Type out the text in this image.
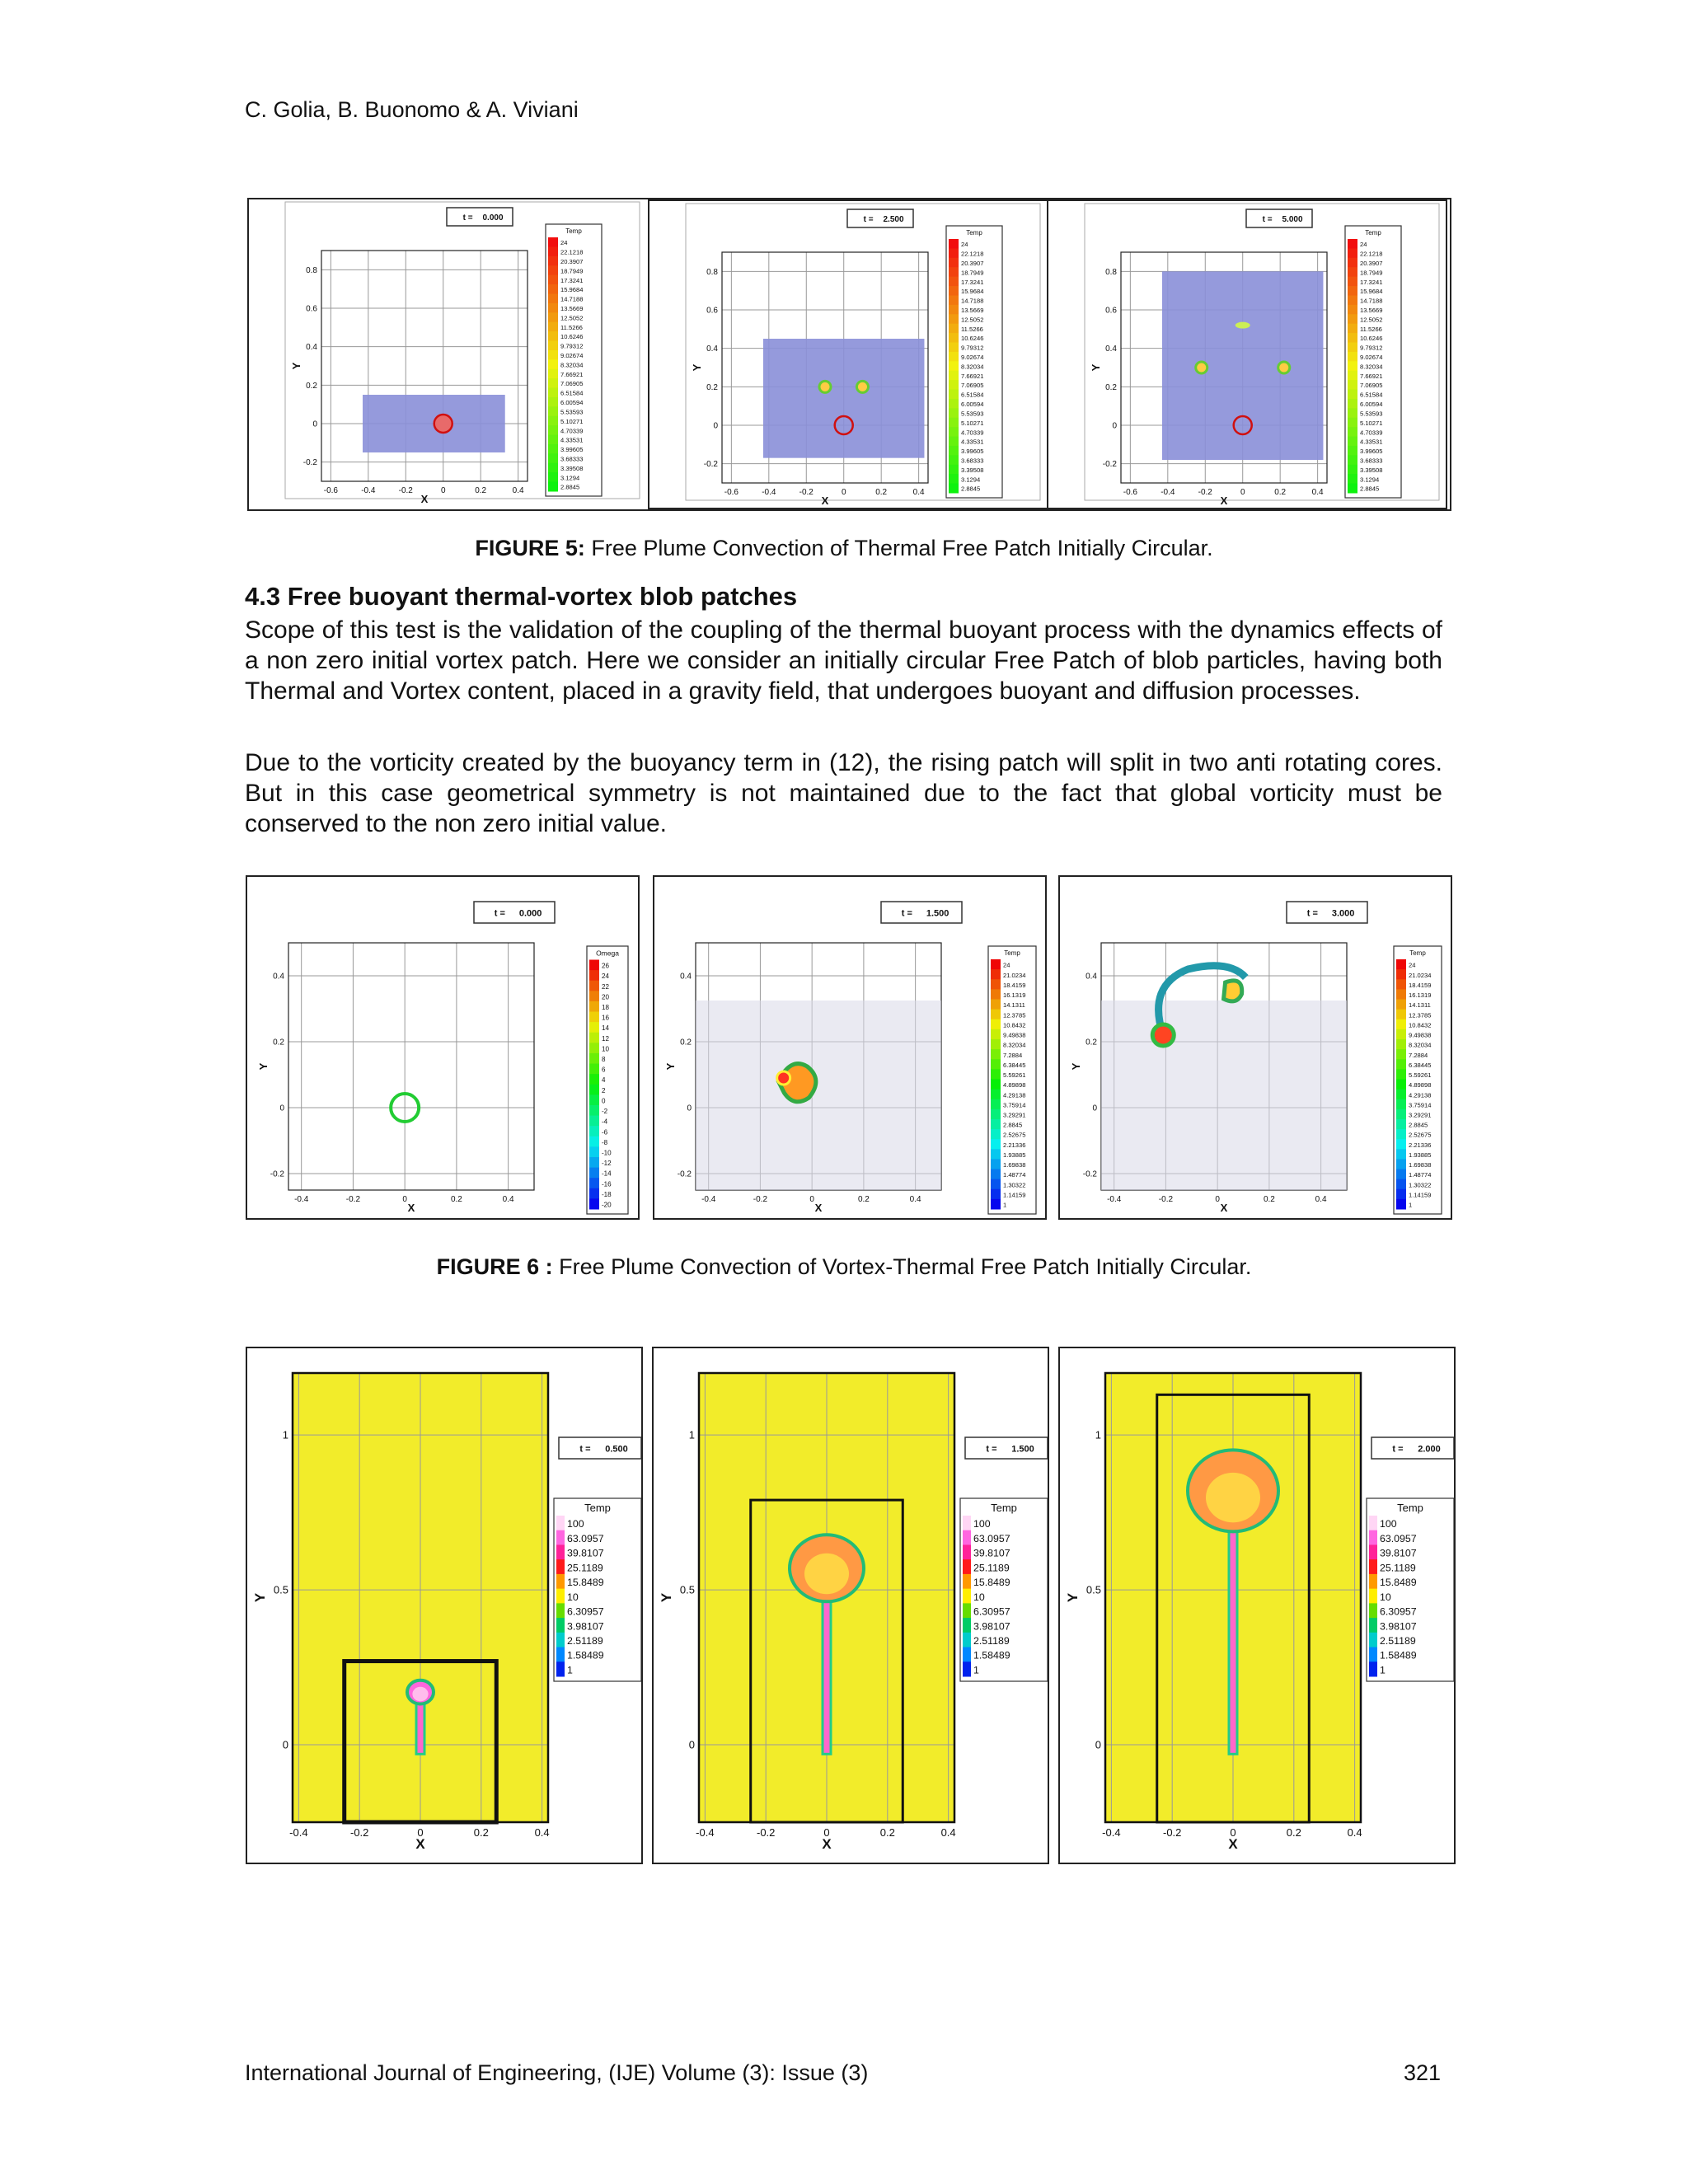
C. Golia, B. Buonomo & A. Viviani
-0.6	-0.4	-0.2	0	0.2	0.4
0.8
0.6
0.4
0.2
0
-0.2
X
Y
t = 0.000
Temp
24
22.1218
20.3907
18.7949
17.3241
15.9684
14.7188
13.5669
12.5052
11.5266
10.6246
9.79312
9.02674
8.32034
7.66921
7.06905
6.51584
6.00594
5.53593
5.10271
4.70339
4.33531
3.99605
3.68333
3.39508
3.1294
2.8845
-0.6	-0.4	-0.2	0	0.2	0.4
0.8
0.6
0.4
0.2
0
-0.2
X
Y
t = 2.500
Temp
24
22.1218
20.3907
18.7949
17.3241
15.9684
14.7188
13.5669
12.5052
11.5266
10.6246
9.79312
9.02674
8.32034
7.66921
7.06905
6.51584
6.00594
5.53593
5.10271
4.70339
4.33531
3.99605
3.68333
3.39508
3.1294
2.8845	-0.6	-0.4	-0.2	0	0.2	0.4
0.8
0.6
0.4
0.2
0
-0.2
X
Y
t = 5.000
Temp
24
22.1218
20.3907
18.7949
17.3241
15.9684
14.7188
13.5669
12.5052
11.5266
10.6246
9.79312
9.02674
8.32034
7.66921
7.06905
6.51584
6.00594
5.53593
5.10271
4.70339
4.33531
3.99605
3.68333
3.39508
3.1294
2.8845
FIGURE 5: Free Plume Convection of Thermal Free Patch Initially Circular.
4.3 Free buoyant thermal-vortex blob patches
Scope of this test is the validation of the coupling of the thermal buoyant process with the dynamics effects of a non zero initial vortex patch. Here we consider an initially circular Free Patch of blob particles, having both Thermal and Vortex content, placed in a gravity field, that undergoes buoyant and diffusion processes.
Due to the vorticity created by the buoyancy term in (12), the rising patch will split in two anti rotating cores. But in this case geometrical symmetry is not maintained due to the fact that global vorticity must be conserved to the non zero initial value.
-0.4	-0.2	0	0.2	0.4
0.4
0.2
0
-0.2
X
Y
Omega
26
24
22
20
18
16
14
12
10
8
6
4
2
0
-2
-4
-6
-8
-10
-12
-14
-16
-18
-20
t = 0.000
-0.4	-0.2	0	0.2	0.4
0.4
0.2
0
-0.2
X
Y
Temp
24
21.0234
18.4159
16.1319
14.1311
12.3785
10.8432
9.49838
8.32034
7.2884
6.38445
5.59261
4.89898
4.29138
3.75914
3.29291
2.8845
2.52675
2.21336
1.93885
1.69838
1.48774
1.30322
1.14159
1
t = 1.500
-0.4	-0.2	0	0.2	0.4
0.4
0.2
0
-0.2
X
Y
Temp
24
21.0234
18.4159
16.1319
14.1311
12.3785
10.8432
9.49838
8.32034
7.2884
6.38445
5.59261
4.89898
4.29138
3.75914
3.29291
2.8845
2.52675
2.21336
1.93885
1.69838
1.48774
1.30322
1.14159
1
t = 3.000
FIGURE 6 : Free Plume Convection of Vortex-Thermal Free Patch Initially Circular.
-0.4	-0.2	0	0.2	0.4
1
0.5
0
X
Y
t = 0.500
Temp
100
63.0957
39.8107
25.1189
15.8489
10
6.30957
3.98107
2.51189
1.58489
1
-0.4	-0.2	0	0.2	0.4
1
0.5
0
X
Y
t = 1.500
Temp
100
63.0957
39.8107
25.1189
15.8489
10
6.30957
3.98107
2.51189
1.58489
1
-0.4	-0.2	0	0.2	0.4
1
0.5
0
X
Y
t = 2.000
Temp
100
63.0957
39.8107
25.1189
15.8489
10
6.30957
3.98107
2.51189
1.58489
1
International Journal of Engineering, (IJE) Volume (3): Issue (3)	321
